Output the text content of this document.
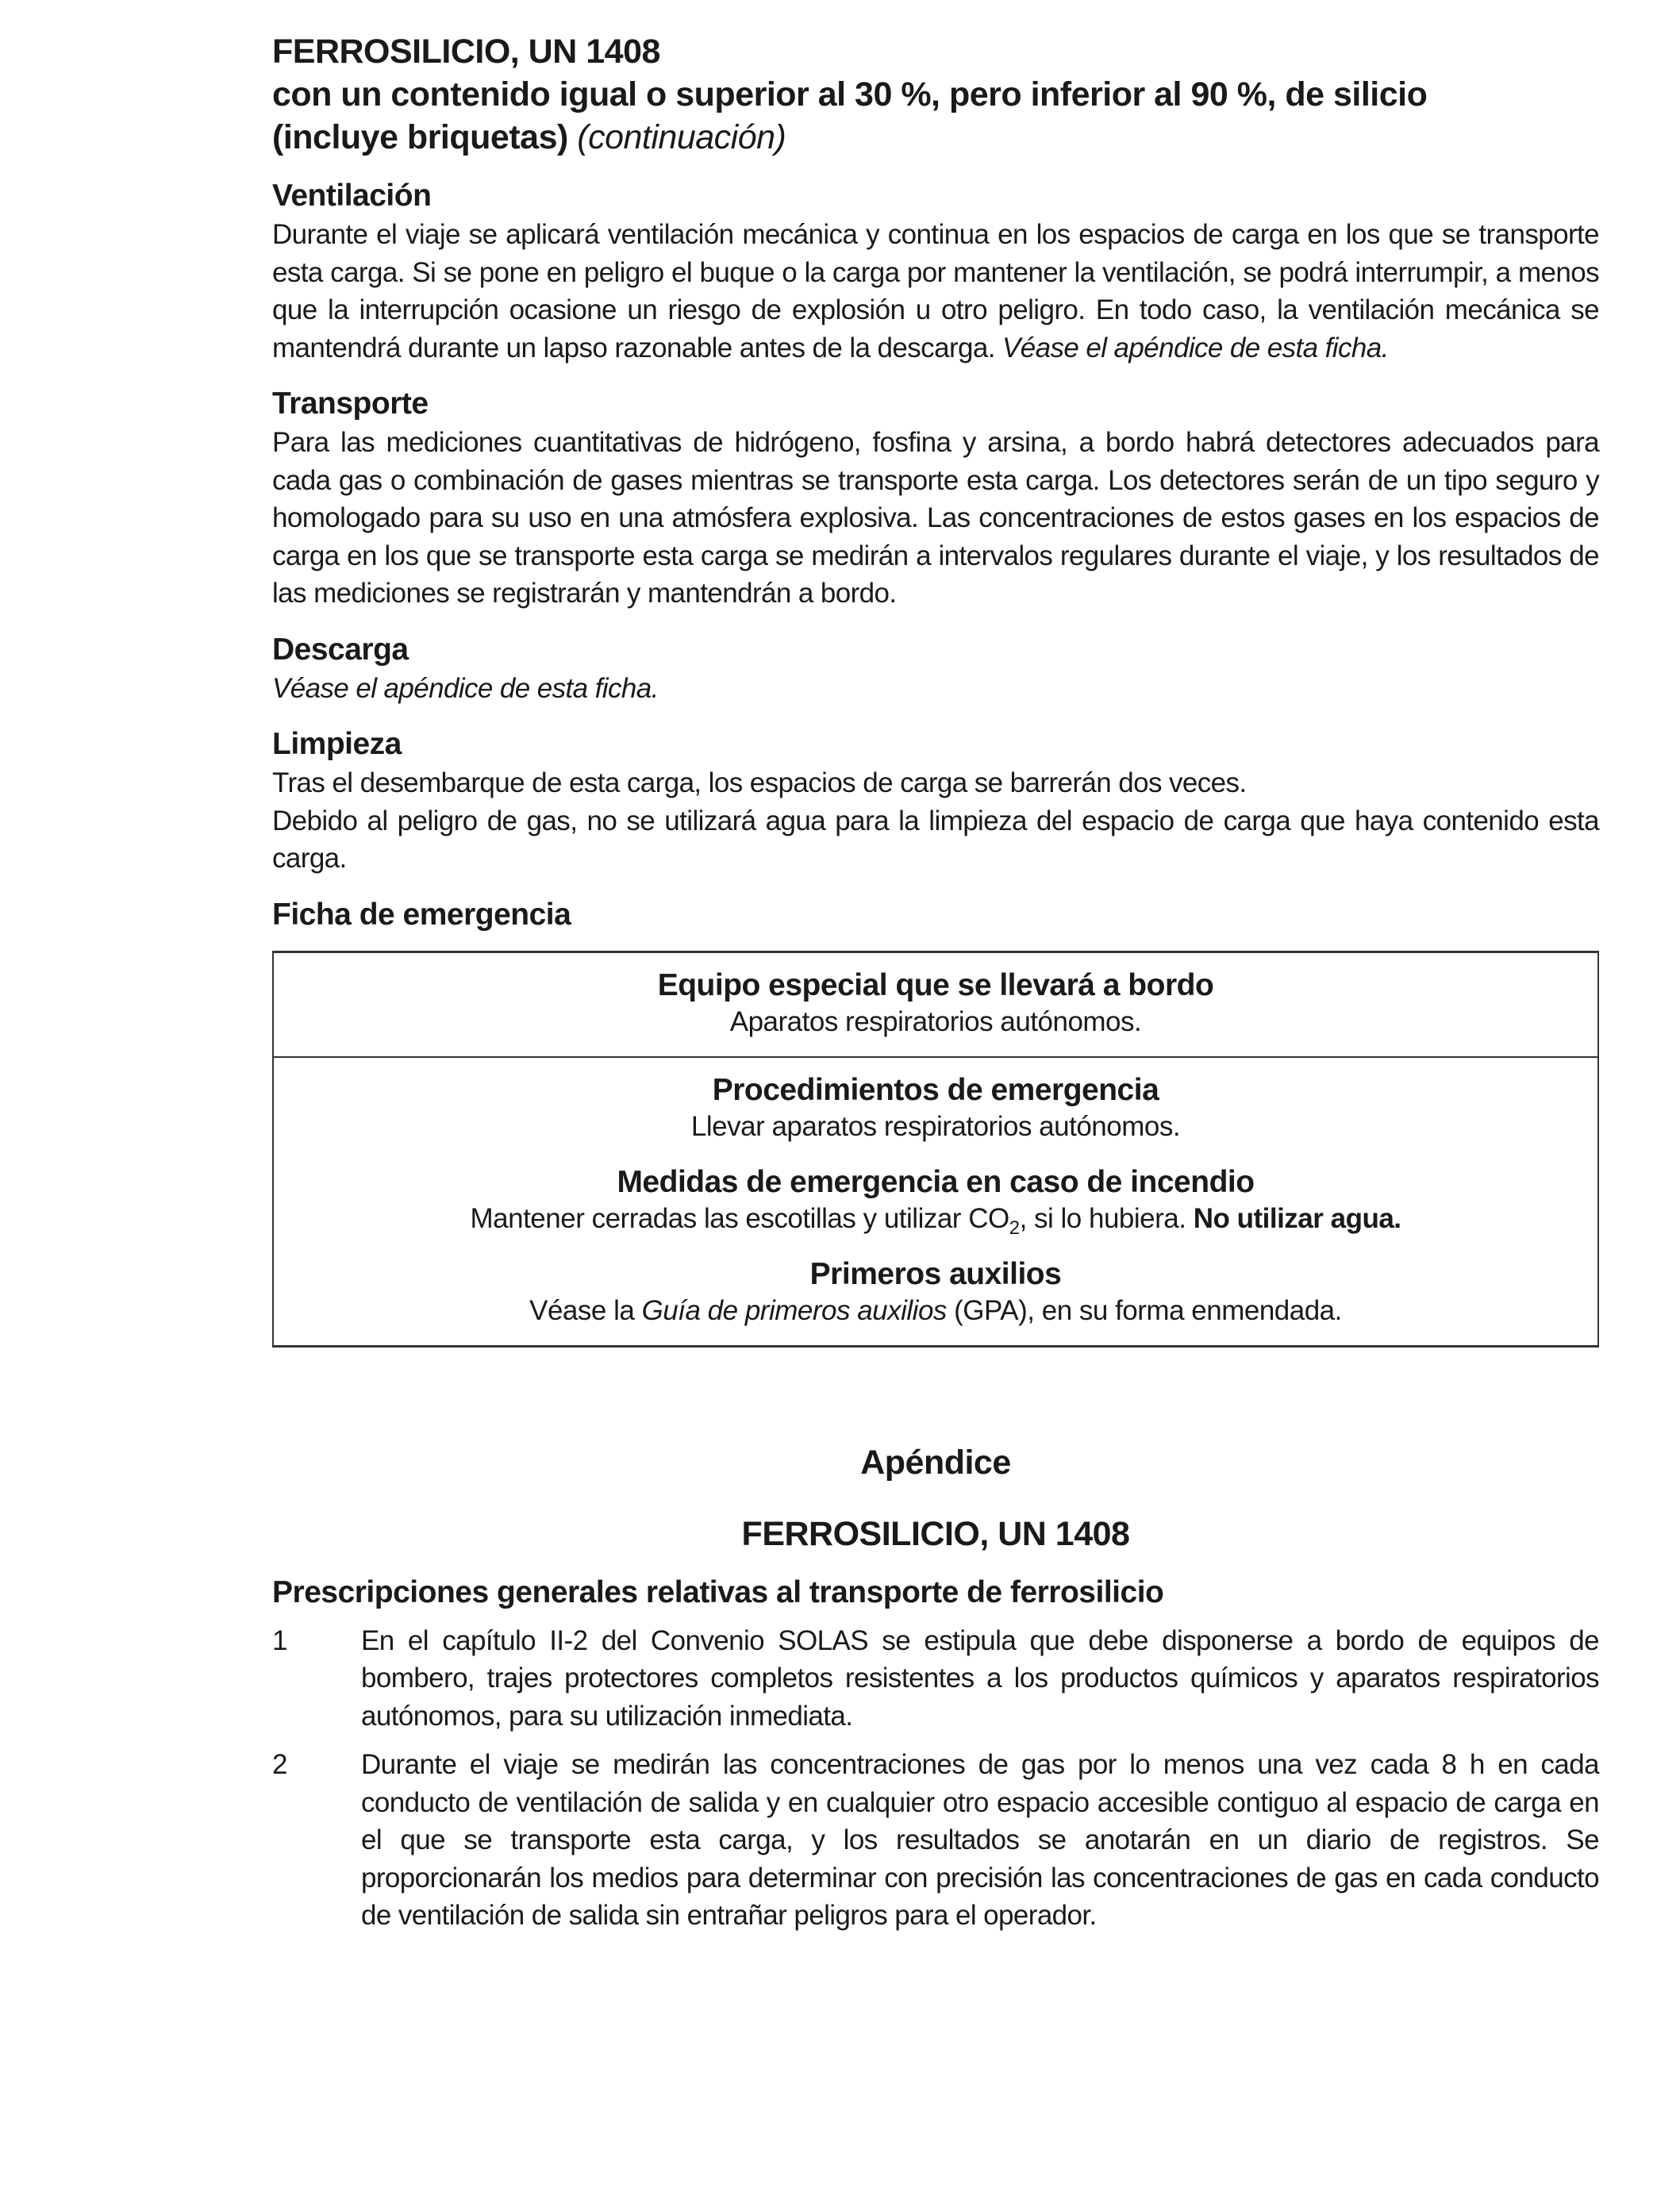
FERROSILICIO, UN 1408

con un contenido igual o superior al 30 %, pero inferior al 90 %, de silicio

(incluye briquetas) (continuación)

Ventilación

Durante el viaje se aplicará ventilación mecánica y continua en los espacios de carga en los que se transporte esta carga. Si se pone en peligro el buque o la carga por mantener la ventilación, se podrá interrumpir, a menos que la interrupción ocasione un riesgo de explosión u otro peligro. En todo caso, la ventilación mecánica se mantendrá durante un lapso razonable antes de la descarga. Véase el apéndice de esta ficha.

Transporte

Para las mediciones cuantitativas de hidrógeno, fosfina y arsina, a bordo habrá detectores adecuados para cada gas o combinación de gases mientras se transporte esta carga. Los detectores serán de un tipo seguro y homologado para su uso en una atmósfera explosiva. Las concentraciones de estos gases en los espacios de carga en los que se transporte esta carga se medirán a intervalos regulares durante el viaje, y los resultados de las mediciones se registrarán y mantendrán a bordo.

Descarga

Véase el apéndice de esta ficha.

Limpieza

Tras el desembarque de esta carga, los espacios de carga se barrerán dos veces.

Debido al peligro de gas, no se utilizará agua para la limpieza del espacio de carga que haya contenido esta carga.

Ficha de emergencia
Equipo especial que se llevará a bordo

Aparatos respiratorios autónomos.

Procedimientos de emergencia

Llevar aparatos respiratorios autónomos.

Medidas de emergencia en caso de incendio

Mantener cerradas las escotillas y utilizar $CO_2$, si lo hubiera. No utilizar agua.

Primeros auxilios

Véase la Guía de primeros auxilios (GPA), en su forma enmendada.

Apéndice

FERROSILICIO, UN 1408

Prescripciones generales relativas al transporte de ferrosilicio
1	En el capítulo II-2 del Convenio SOLAS se estipula que debe disponerse a bordo de equipos de bombero, trajes protectores completos resistentes a los productos químicos y aparatos respiratorios autónomos, para su utilización inmediata.

2	Durante el viaje se medirán las concentraciones de gas por lo menos una vez cada 8 h en cada conducto de ventilación de salida y en cualquier otro espacio accesible contiguo al espacio de carga en el que se transporte esta carga, y los resultados se anotarán en un diario de registros. Se proporcionarán los medios para determinar con precisión las concentraciones de gas en cada conducto de ventilación de salida sin entrañar peligros para el operador.
